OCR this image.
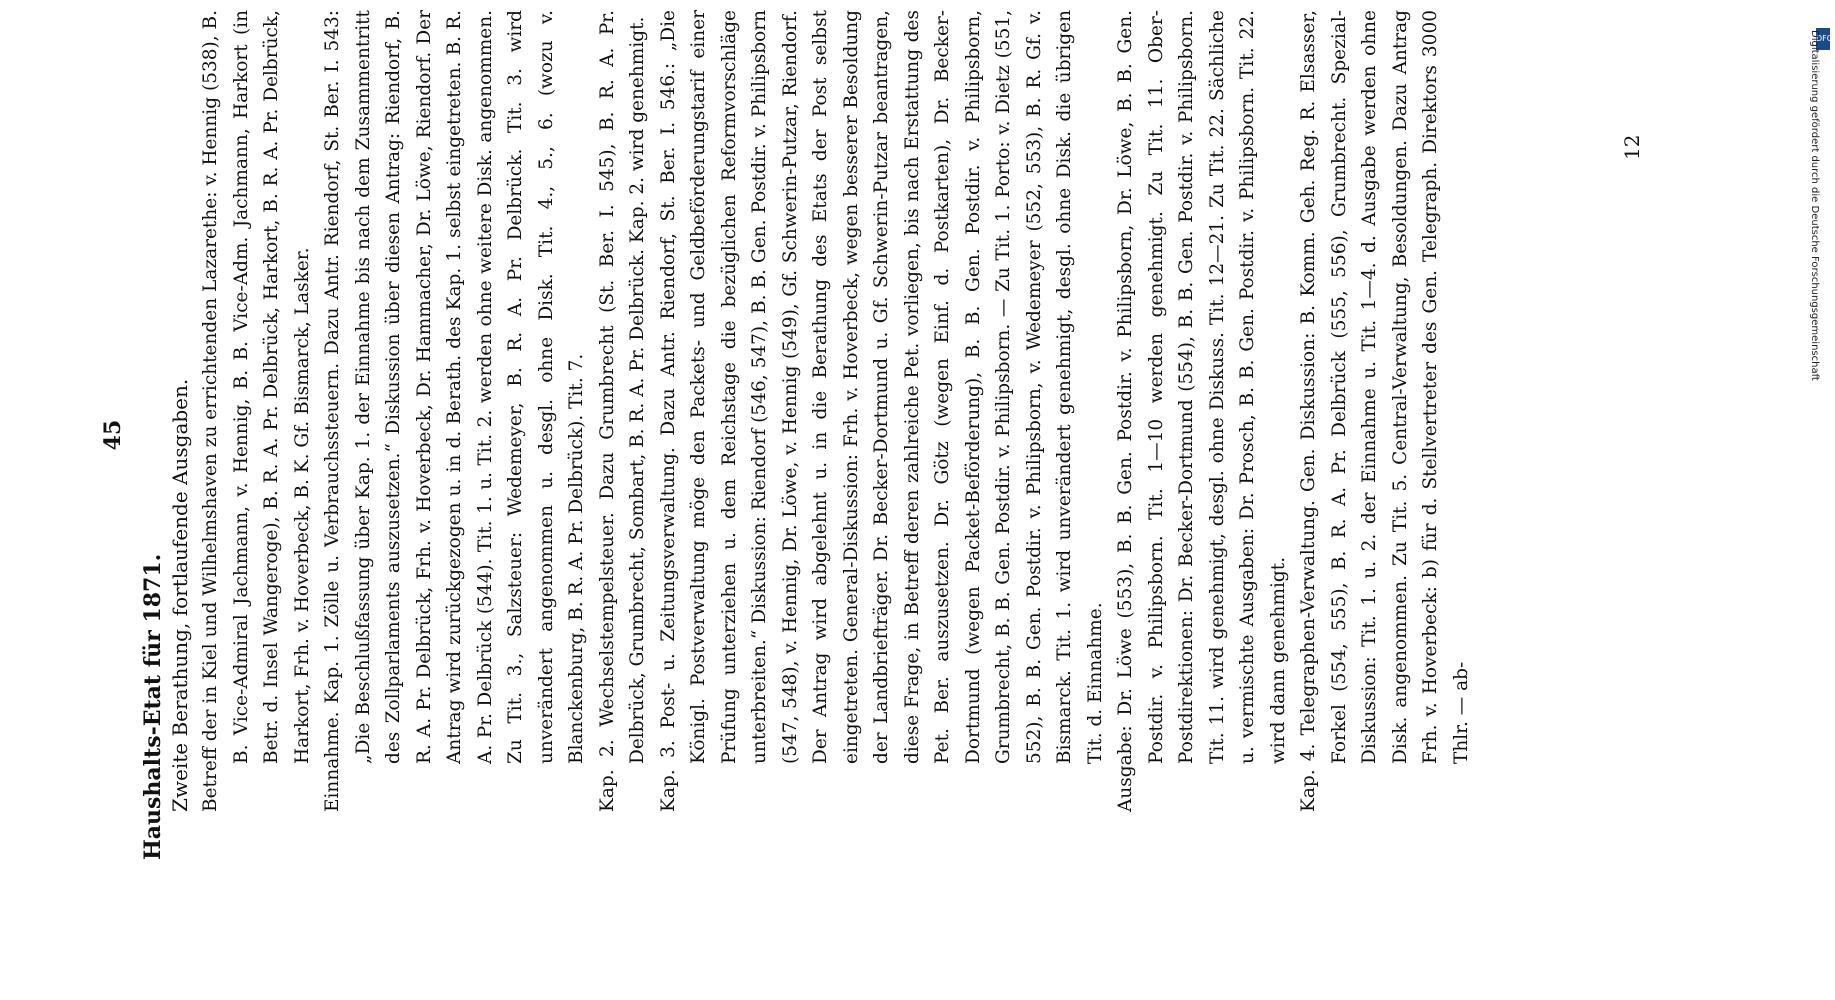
45
Haushalts-Etat für 1871. Zweite Berathung, fortlaufende Ausgaben. Betreff der in Kiel und Wilhelmshaven zu errichtenden Lazarethe: v. Hennig (538), B. B. Vice-Admiral Jachmann, v. Hennig, B. B. Vice-Adm. Jachmann, Harkort (in Betr. d. Insel Wangeroge), B. R. A. Pr. Delbrück, Harkort, B. R. A. Pr. Delbrück, Harkort, Frh. v. Hoverbeck, B. K. Gf. Bismarck, Lasker. Einnahme. Kap. 1. Zölle u. Verbrauchssteuern. Dazu Antr. Riendorf, St. Ber. I. 543: „Die Beschlußfassung über Kap. 1. der Einnahme bis nach dem Zusammentritt des Zollparlaments auszusetzen.“ Diskussion über diesen Antrag: Riendorf, B. R. A. Pr. Delbrück, Frh. v. Hoverbeck, Dr. Hammacher, Dr. Löwe, Riendorf. Der Antrag wird zurückgezogen u. in d. Berath. des Kap. 1. selbst eingetreten. B. R. A. Pr. Delbrück (544). Tit. 1. u. Tit. 2. werden ohne weitere Disk. angenommen. Zu Tit. 3., Salzsteuer: Wedemeyer, B. R. A. Pr. Delbrück. Tit. 3. wird unverändert angenommen u. desgl. ohne Disk. Tit. 4., 5., 6. (wozu v. Blanckenburg, B. R. A. Pr. Delbrück). Tit. 7. Kap. 2. Wechselstempelsteuer. Dazu Grumbrecht (St. Ber. I. 545), B. R. A. Pr. Delbrück, Grumbrecht, Sombart, B. R. A. Pr. Delbrück. Kap. 2. wird genehmigt. Kap. 3. Post- u. Zeitungsverwaltung. Dazu Antr. Riendorf, St. Ber. I. 546.: „Die Königl. Postverwaltung möge den Packets- und Geldbeförderungstarif einer Prüfung unterziehen u. dem Reichstage die bezüglichen Reformvorschläge unterbreiten.“ Diskussion: Riendorf (546, 547), B. B. Gen. Postdir. v. Philipsborn (547, 548), v. Hennig, Dr. Löwe, v. Hennig (549), Gf. Schwerin-Putzar, Riendorf. Der Antrag wird abgelehnt u. in die Berathung des Etats der Post selbst eingetreten. General-Diskussion: Frh. v. Hoverbeck, wegen besserer Besoldung der Landbriefträger. Dr. Becker-Dortmund u. Gf. Schwerin-Putzar beantragen, diese Frage, in Betreff deren zahlreiche Pet. vorliegen, bis nach Erstattung des Pet. Ber. auszusetzen. Dr. Götz (wegen Einf. d. Postkarten), Dr. Becker-Dortmund (wegen Packet-Beförderung), B. B. Gen. Postdir. v. Philipsborn, Grumbrecht, B. B. Gen. Postdir. v. Philipsborn. — Zu Tit. 1. Porto: v. Dietz (551, 552), B. B. Gen. Postdir. v. Philipsborn, v. Wedemeyer (552, 553), B. R. Gf. v. Bismarck. Tit. 1. wird unverändert genehmigt, desgl. ohne Disk. die übrigen Tit. d. Einnahme. Ausgabe: Dr. Löwe (553), B. B. Gen. Postdir. v. Philipsborn, Dr. Löwe, B. B. Gen. Postdir. v. Philipsborn. Tit. 1—10 werden genehmigt. Zu Tit. 11. Ober-Postdirektionen: Dr. Becker-Dortmund (554), B. B. Gen. Postdir. v. Philipsborn. Tit. 11. wird genehmigt, desgl. ohne Diskuss. Tit. 12—21. Zu Tit. 22. Sächliche u. vermischte Ausgaben: Dr. Prosch, B. B. Gen. Postdir. v. Philipsborn. Tit. 22. wird dann genehmigt. Kap. 4. Telegraphen-Verwaltung. Gen. Diskussion: B. Komm. Geh. Reg. R. Elsasser, Forkel (554, 555), B. R. A. Pr. Delbrück (555, 556), Grumbrecht. Spezial-Diskussion: Tit. 1. u. 2. der Einnahme u. Tit. 1—4. d. Ausgabe werden ohne Disk. angenommen. Zu Tit. 5. Central-Verwaltung, Besoldungen. Dazu Antrag Frh. v. Hoverbeck: b) für d. Stellvertreter des Gen. Telegraph. Direktors 3000 Thlr. — ab-

12
DFG
Digitalisierung gefördert durch die Deutsche Forschungsgemeinschaft
